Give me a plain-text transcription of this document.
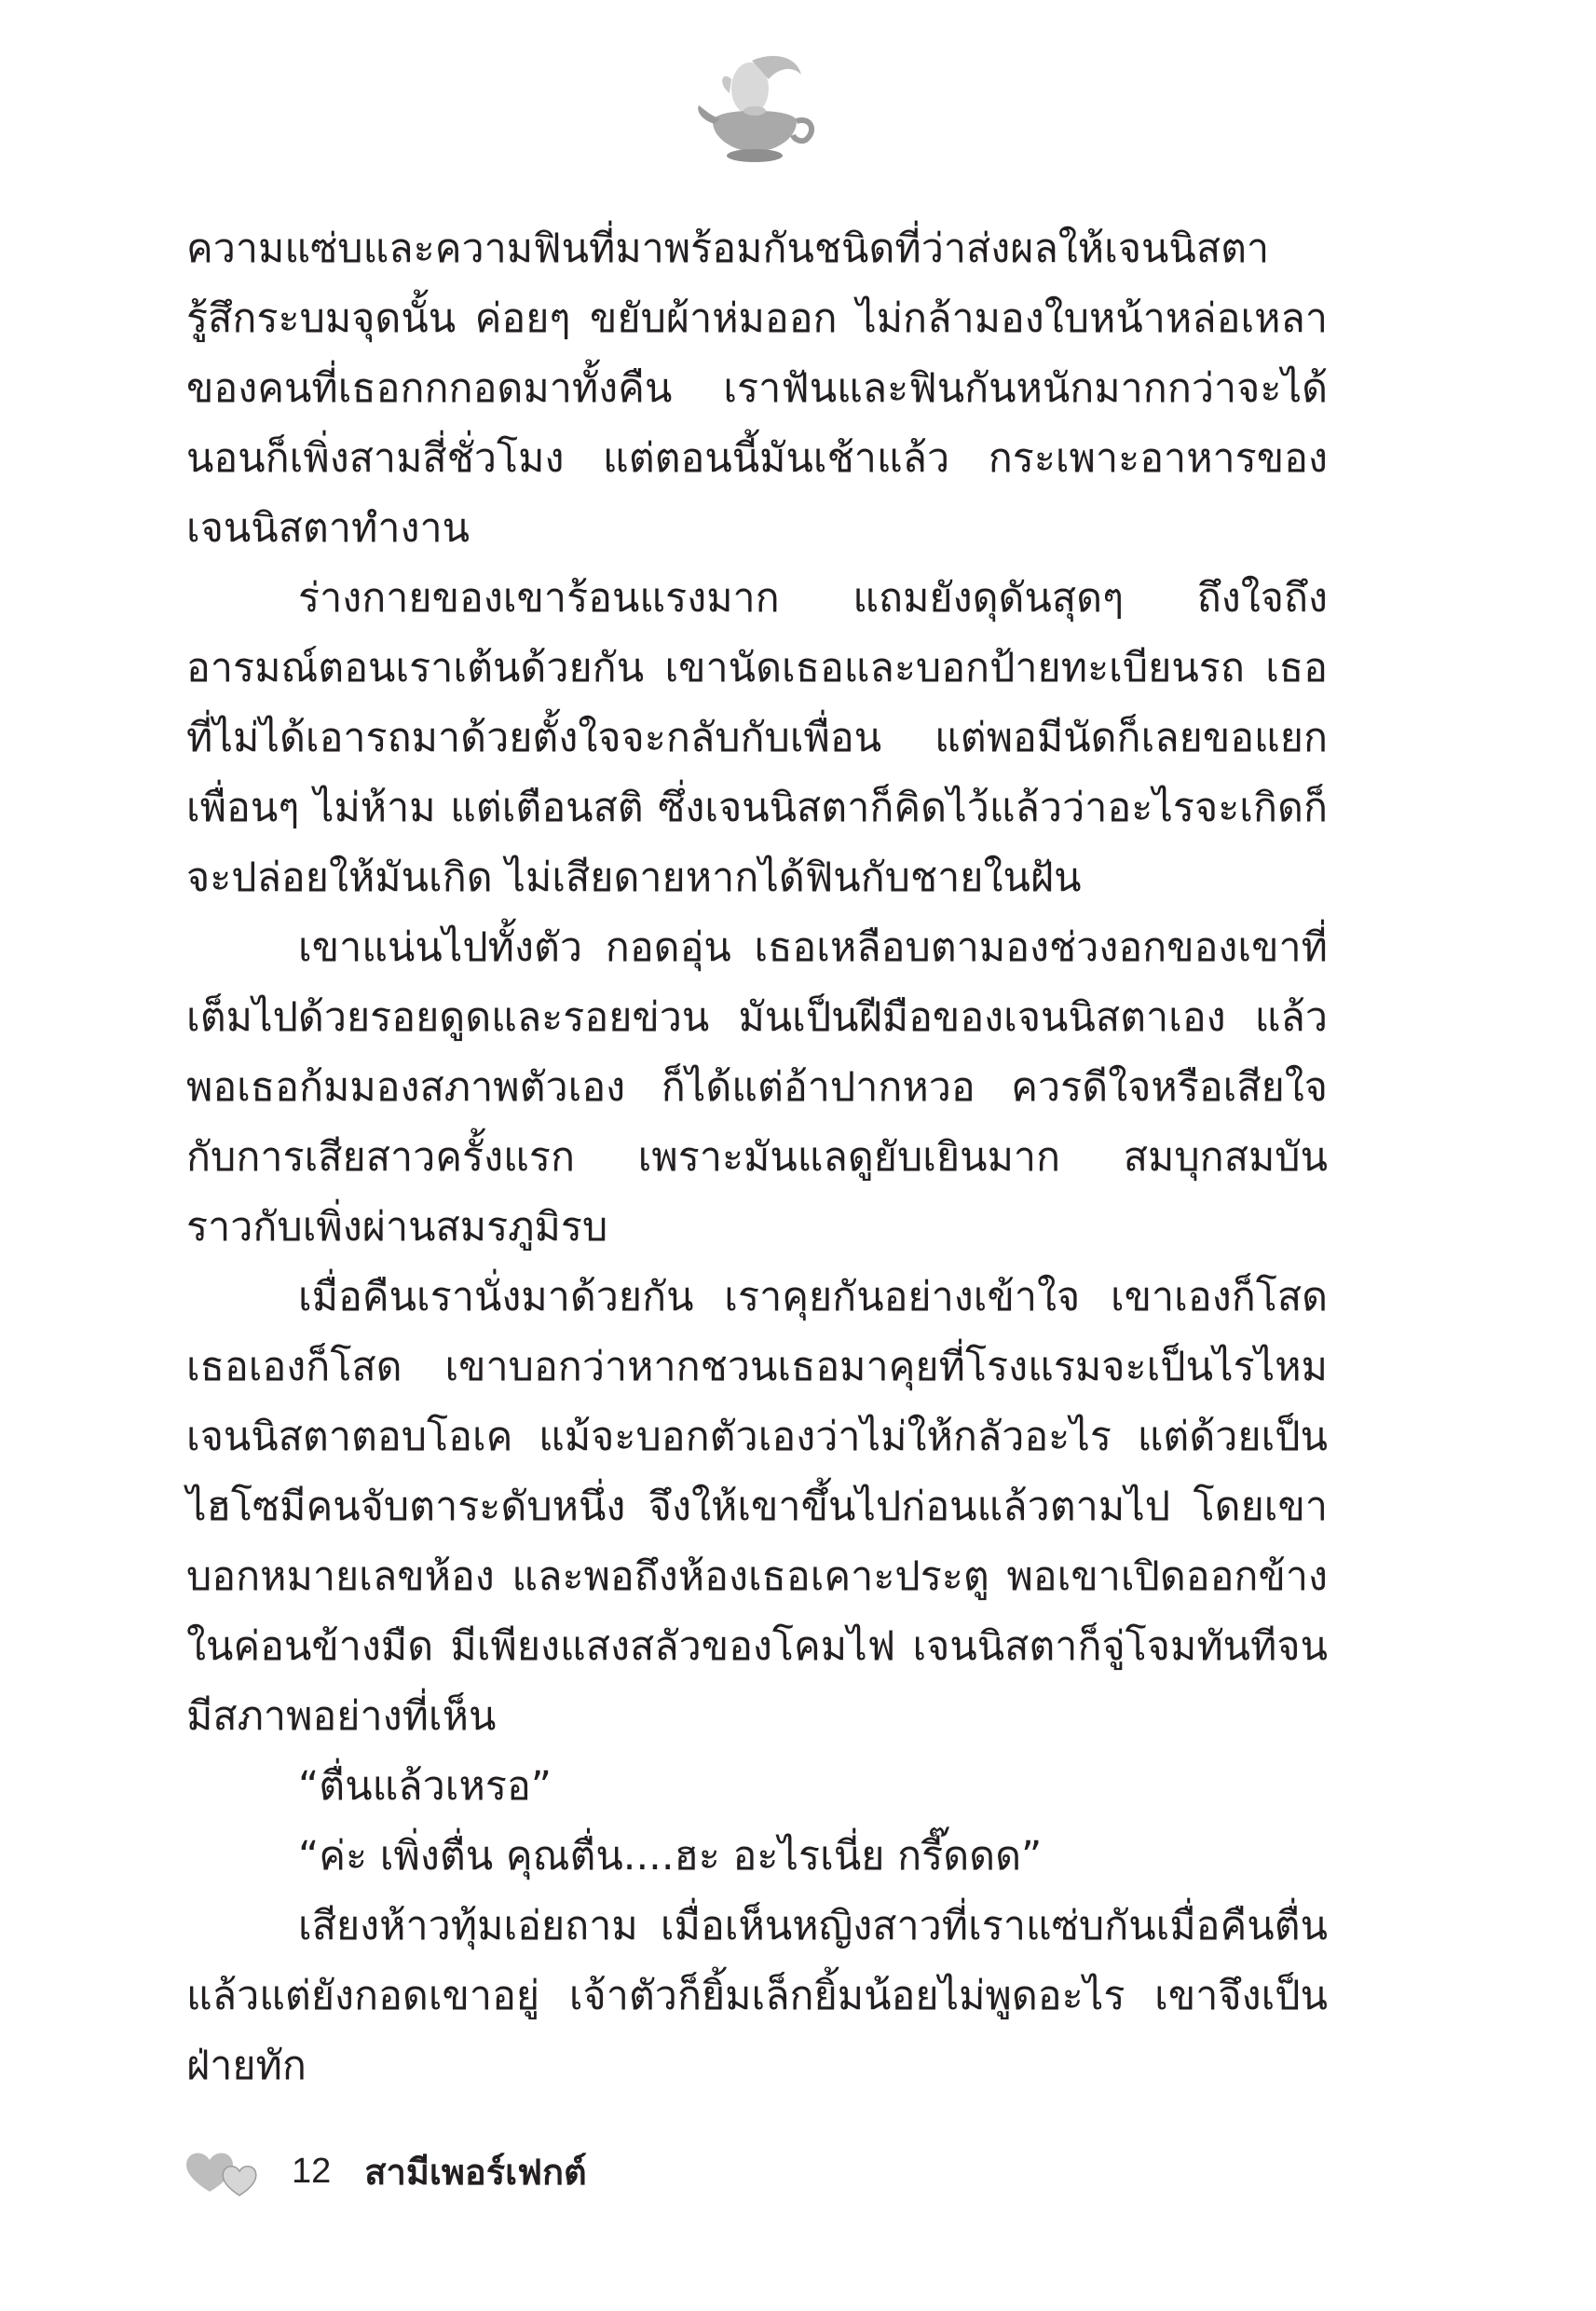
ความแซ่บและความฟินที่มาพร้อมกันชนิดที่ว่าส่งผลให้เจนนิสตารู้สึกระบมจุดนั้น ค่อยๆ ขยับผ้าห่มออก ไม่กล้ามองใบหน้าหล่อเหลาของคนที่เธอกกกอดมาทั้งคืน เราฟันและฟินกันหนักมากกว่าจะได้นอนก็เพิ่งสามสี่ชั่วโมง แต่ตอนนี้มันเช้าแล้ว กระเพาะอาหารของเจนนิสตาทำงาน

ร่างกายของเขาร้อนแรงมาก แถมยังดุดันสุดๆ ถึงใจถึงอารมณ์ตอนเราเต้นด้วยกัน เขานัดเธอและบอกป้ายทะเบียนรถ เธอที่ไม่ได้เอารถมาด้วยตั้งใจจะกลับกับเพื่อน แต่พอมีนัดก็เลยขอแยก เพื่อนๆ ไม่ห้าม แต่เตือนสติ ซึ่งเจนนิสตาก็คิดไว้แล้วว่าอะไรจะเกิดก็จะปล่อยให้มันเกิด ไม่เสียดายหากได้ฟินกับชายในฝัน

เขาแน่นไปทั้งตัว กอดอุ่น เธอเหลือบตามองช่วงอกของเขาที่เต็มไปด้วยรอยดูดและรอยข่วน มันเป็นฝีมือของเจนนิสตาเอง แล้วพอเธอก้มมองสภาพตัวเอง ก็ได้แต่อ้าปากหวอ ควรดีใจหรือเสียใจกับการเสียสาวครั้งแรก เพราะมันแลดูยับเยินมาก สมบุกสมบันราวกับเพิ่งผ่านสมรภูมิรบ

เมื่อคืนเรานั่งมาด้วยกัน เราคุยกันอย่างเข้าใจ เขาเองก็โสดเธอเองก็โสด เขาบอกว่าหากชวนเธอมาคุยที่โรงแรมจะเป็นไรไหม เจนนิสตาตอบโอเค แม้จะบอกตัวเองว่าไม่ให้กลัวอะไร แต่ด้วยเป็นไฮโซมีคนจับตาระดับหนึ่ง จึงให้เขาขึ้นไปก่อนแล้วตามไป โดยเขาบอกหมายเลขห้อง และพอถึงห้องเธอเคาะประตู พอเขาเปิดออกข้างในค่อนข้างมืด มีเพียงแสงสลัวของโคมไฟ เจนนิสตาก็จู่โจมทันทีจนมีสภาพอย่างที่เห็น

“ตื่นแล้วเหรอ”

“ค่ะ เพิ่งตื่น คุณตื่น....ฮะ อะไรเนี่ย กรี๊ดดด”

เสียงห้าวทุ้มเอ่ยถาม เมื่อเห็นหญิงสาวที่เราแซ่บกันเมื่อคืนตื่นแล้วแต่ยังกอดเขาอยู่ เจ้าตัวก็ยิ้มเล็กยิ้มน้อยไม่พูดอะไร เขาจึงเป็นฝ่ายทัก

12 สามีเพอร์เฟกต์
